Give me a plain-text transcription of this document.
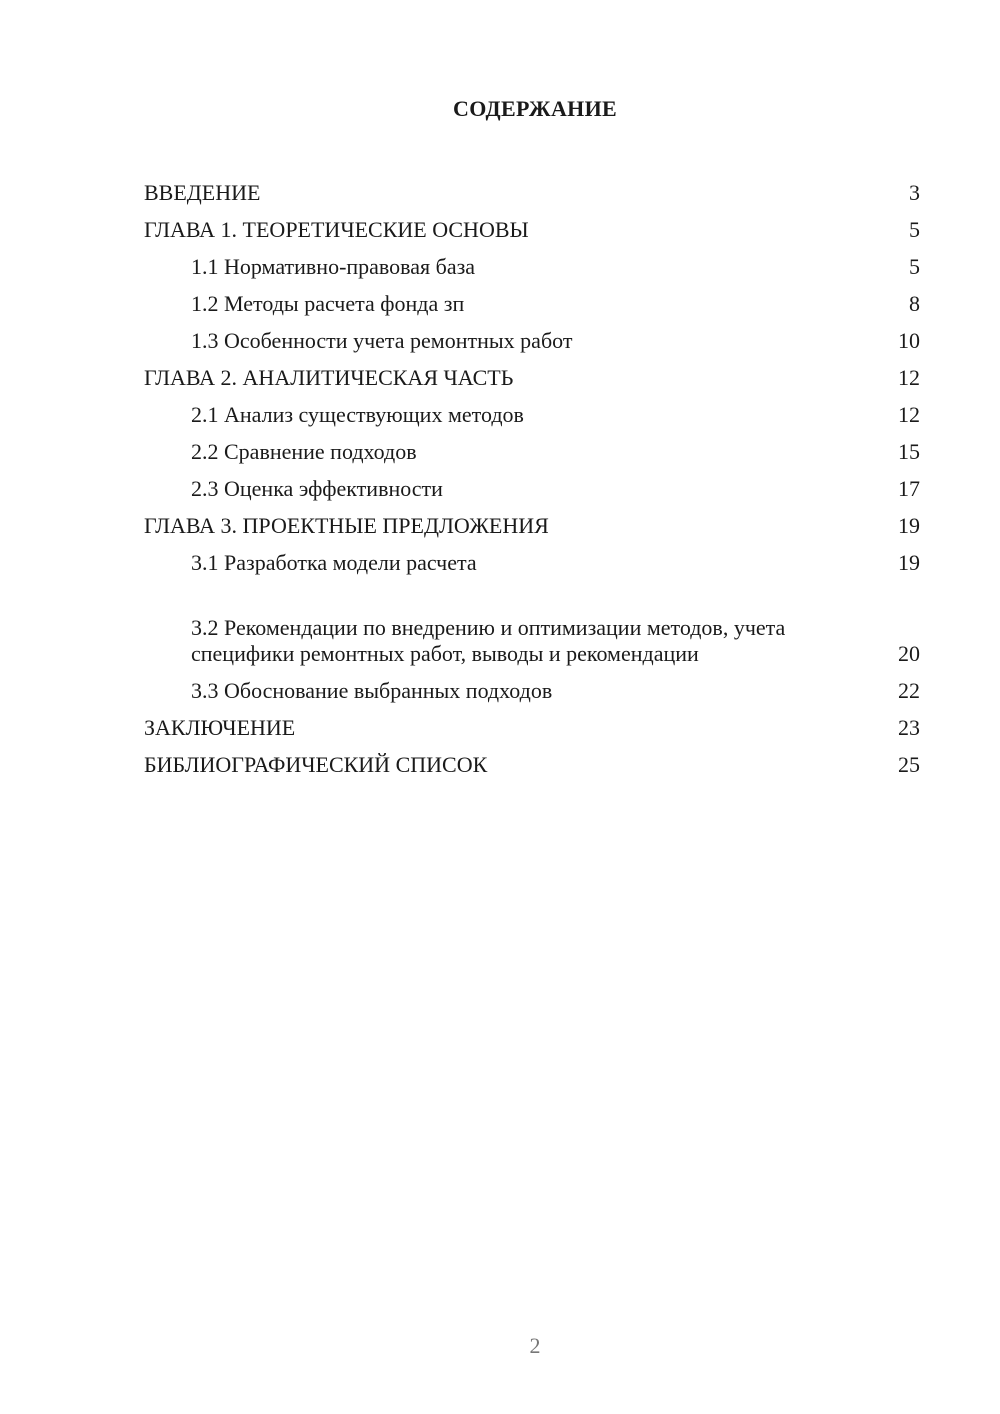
СОДЕРЖАНИЕ
ВВЕДЕНИЕ	3
ГЛАВА 1. ТЕОРЕТИЧЕСКИЕ ОСНОВЫ	5
1.1 Нормативно-правовая база	5
1.2 Методы расчета фонда зп	8
1.3 Особенности учета ремонтных работ	10
ГЛАВА 2. АНАЛИТИЧЕСКАЯ ЧАСТЬ	12
2.1 Анализ существующих методов	12
2.2 Сравнение подходов	15
2.3 Оценка эффективности	17
ГЛАВА 3. ПРОЕКТНЫЕ ПРЕДЛОЖЕНИЯ	19
3.1 Разработка модели расчета	19
3.2 Рекомендации по внедрению и оптимизации методов, учета специфики ремонтных работ, выводы и рекомендации	20
3.3 Обоснование выбранных подходов	22
ЗАКЛЮЧЕНИЕ	23
БИБЛИОГРАФИЧЕСКИЙ СПИСОК	25
2
